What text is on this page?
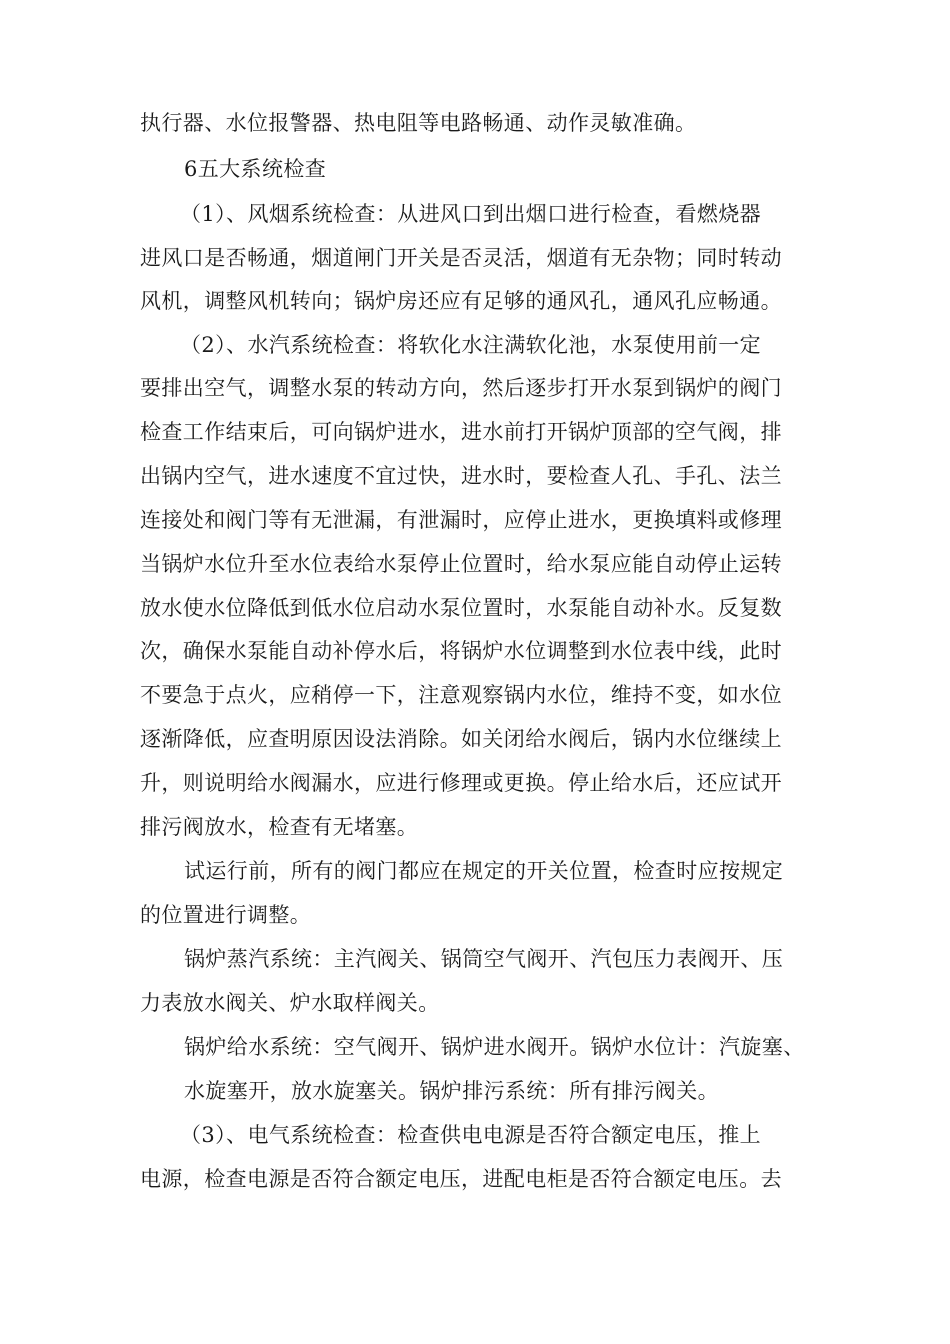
执行器、水位报警器、热电阻等电路畅通、动作灵敏准确。
6五大系统检查
（1）、风烟系统检查：从进风口到出烟口进行检查，看燃烧器
进风口是否畅通，烟道闸门开关是否灵活，烟道有无杂物；同时转动
风机，调整风机转向；锅炉房还应有足够的通风孔，通风孔应畅通。
（2）、水汽系统检查：将软化水注满软化池，水泵使用前一定
要排出空气，调整水泵的转动方向，然后逐步打开水泵到锅炉的阀门
检查工作结束后，可向锅炉进水，进水前打开锅炉顶部的空气阀，排
出锅内空气，进水速度不宜过快，进水时，要检查人孔、手孔、法兰
连接处和阀门等有无泄漏，有泄漏时，应停止进水，更换填料或修理
当锅炉水位升至水位表给水泵停止位置时，给水泵应能自动停止运转
放水使水位降低到低水位启动水泵位置时，水泵能自动补水。反复数
次，确保水泵能自动补停水后，将锅炉水位调整到水位表中线，此时
不要急于点火，应稍停一下，注意观察锅内水位，维持不变，如水位
逐渐降低，应查明原因设法消除。如关闭给水阀后，锅内水位继续上
升，则说明给水阀漏水，应进行修理或更换。停止给水后，还应试开
排污阀放水，检查有无堵塞。
试运行前，所有的阀门都应在规定的开关位置，检查时应按规定
的位置进行调整。
锅炉蒸汽系统：主汽阀关、锅筒空气阀开、汽包压力表阀开、压
力表放水阀关、炉水取样阀关。
锅炉给水系统：空气阀开、锅炉进水阀开。锅炉水位计：汽旋塞、
水旋塞开，放水旋塞关。锅炉排污系统：所有排污阀关。
（3）、电气系统检查：检查供电电源是否符合额定电压，推上
电源，检查电源是否符合额定电压，进配电柜是否符合额定电压。去
